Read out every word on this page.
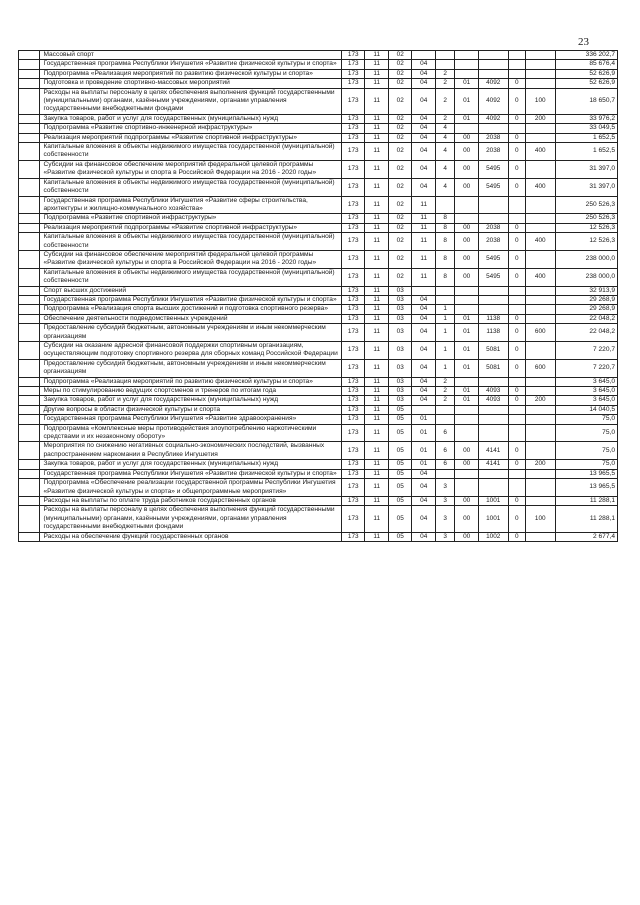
23
	Массовый спорт	173	11	02							336 202,7
	Государственная программа Республики Ингушетия «Развитие физической культуры и спорта»	173	11	02	04						85 676,4
	Подпрограмма «Реализация мероприятий по развитию физической культуры и спорта»	173	11	02	04	2					52 626,9
	Подготовка и проведение спортивно-массовых мероприятий	173	11	02	04	2	01	4092	0		52 626,9
	Расходы на выплаты персоналу в целях обеспечения выполнения функций государственными (муниципальными) органами, казёнными учреждениями, органами управления государственными внебюджетными фондами	173	11	02	04	2	01	4092	0	100	18 650,7
	Закупка товаров, работ и услуг для государственных (муниципальных) нужд	173	11	02	04	2	01	4092	0	200	33 976,2
	Подпрограмма «Развитие спортивно-инженерной инфраструктуры»	173	11	02	04	4					33 049,5
	Реализация мероприятий подпрограммы «Развитие спортивной инфраструктуры»	173	11	02	04	4	00	2038	0		1 652,5
	Капитальные вложения в объекты недвижимого имущества государственной (муниципальной) собственности	173	11	02	04	4	00	2038	0	400	1 652,5
	Субсидии на финансовое обеспечение мероприятий федеральной целевой программы «Развитие физической культуры и спорта в Российской Федерации на 2016 - 2020 годы»	173	11	02	04	4	00	5495	0		31 397,0
	Капитальные вложения в объекты недвижимого имущества государственной (муниципальной) собственности	173	11	02	04	4	00	5495	0	400	31 397,0
	Государственная программа Республики Ингушетия «Развитие сферы строительства, архитектуры и жилищно-коммунального хозяйства»	173	11	02	11						250 526,3
	Подпрограмма «Развитие спортивной инфраструктуры»	173	11	02	11	8					250 526,3
	Реализация мероприятий подпрограммы «Развитие спортивной инфраструктуры»	173	11	02	11	8	00	2038	0		12 526,3
	Капитальные вложения в объекты недвижимого имущества государственной (муниципальной) собственности	173	11	02	11	8	00	2038	0	400	12 526,3
	Субсидии на финансовое обеспечение мероприятий федеральной целевой программы «Развитие физической культуры и спорта в Российской Федерации на 2016 - 2020 годы»	173	11	02	11	8	00	5495	0		238 000,0
	Капитальные вложения в объекты недвижимого имущества государственной (муниципальной) собственности	173	11	02	11	8	00	5495	0	400	238 000,0
	Спорт высших достижений	173	11	03							32 913,9
	Государственная программа Республики Ингушетия «Развитие физической культуры и спорта»	173	11	03	04						29 268,9
	Подпрограмма «Реализация спорта высших достижений и подготовка спортивного резерва»	173	11	03	04	1					29 268,9
	Обеспечение деятельности подведомственных учреждений	173	11	03	04	1	01	1138	0		22 048,2
	Предоставление субсидий бюджетным, автономным учреждениям и иным некоммерческим организациям	173	11	03	04	1	01	1138	0	600	22 048,2
	Субсидии на оказание адресной финансовой поддержки спортивным организациям, осуществляющим подготовку спортивного резерва для сборных команд Российской Федерации	173	11	03	04	1	01	5081	0		7 220,7
	Предоставление субсидий бюджетным, автономным учреждениям и иным некоммерческим организациям	173	11	03	04	1	01	5081	0	600	7 220,7
	Подпрограмма «Реализация мероприятий по развитию физической культуры и спорта»	173	11	03	04	2					3 645,0
	Меры по стимулированию ведущих спортсменов и тренеров по итогам года	173	11	03	04	2	01	4093	0		3 645,0
	Закупка товаров, работ и услуг для государственных (муниципальных) нужд	173	11	03	04	2	01	4093	0	200	3 645,0
	Другие вопросы в области физической культуры и спорта	173	11	05							14 040,5
	Государственная программа Республики Ингушетия «Развитие здравоохранения»	173	11	05	01						75,0
	Подпрограмма «Комплексные меры противодействия злоупотреблению наркотическими средствами и их незаконному обороту»	173	11	05	01	6					75,0
	Мероприятия по снижению негативных социально-экономических последствий, вызванных распространением наркомании в Республике Ингушетия	173	11	05	01	6	00	4141	0		75,0
	Закупка товаров, работ и услуг для государственных (муниципальных) нужд	173	11	05	01	6	00	4141	0	200	75,0
	Государственная программа Республики Ингушетия «Развитие физической культуры и спорта»	173	11	05	04						13 965,5
	Подпрограмма «Обеспечение реализации государственной программы Республики Ингушетия «Развитие физической культуры и спорта» и общепрограммные мероприятия»	173	11	05	04	3					13 965,5
	Расходы на выплаты по оплате труда работников государственных органов	173	11	05	04	3	00	1001	0		11 288,1
	Расходы на выплаты персоналу в целях обеспечения выполнения функций государственными (муниципальными) органами, казёнными учреждениями, органами управления государственными внебюджетными фондами	173	11	05	04	3	00	1001	0	100	11 288,1
	Расходы на обеспечение функций государственных органов	173	11	05	04	3	00	1002	0		2 677,4
